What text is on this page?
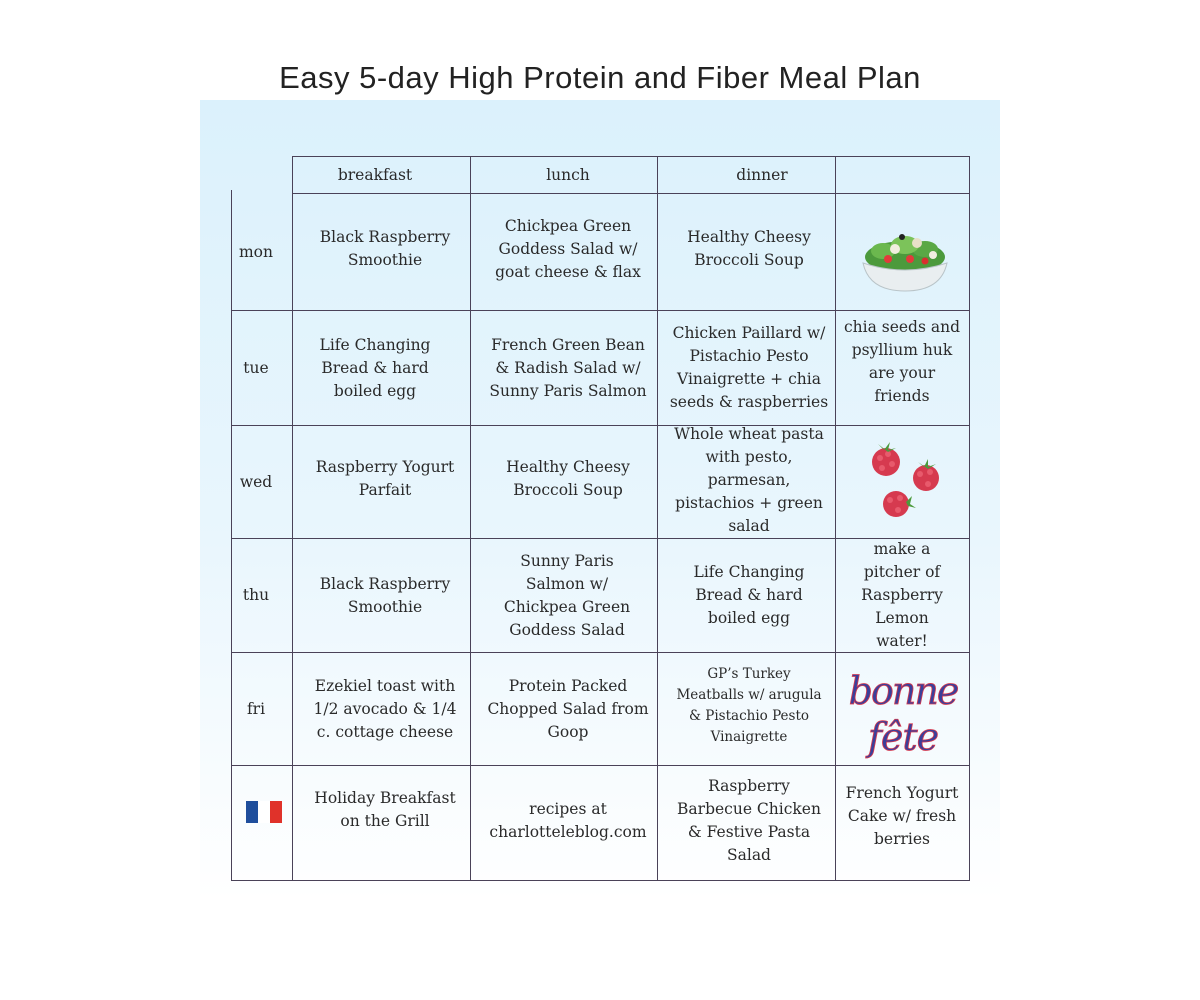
Easy 5-day High Protein and Fiber Meal Plan
breakfast	lunch	dinner
mon
Black Raspberry Smoothie
Chickpea Green Goddess Salad w/ goat cheese & flax
Healthy Cheesy Broccoli Soup
tue
Life Changing Bread & hard boiled egg
French Green Bean & Radish Salad w/ Sunny Paris Salmon
Chicken Paillard w/ Pistachio Pesto Vinaigrette + chia seeds & raspberries
chia seeds and psyllium huk are your friends
wed
Raspberry Yogurt Parfait
Healthy Cheesy Broccoli Soup
Whole wheat pasta with pesto, parmesan, pistachios + green salad
thu
Black Raspberry Smoothie
Sunny Paris Salmon w/ Chickpea Green Goddess Salad
Life Changing Bread & hard boiled egg
make a pitcher of Raspberry Lemon water!
fri
Ezekiel toast with 1/2 avocado & 1/4 c. cottage cheese
Protein Packed Chopped Salad from Goop
GP’s Turkey Meatballs w/ arugula & Pistachio Pesto Vinaigrette
bonne
fête
Holiday Breakfast on the Grill
recipes at charlotteleblog.com
Raspberry Barbecue Chicken & Festive Pasta Salad
French Yogurt Cake w/ fresh berries
